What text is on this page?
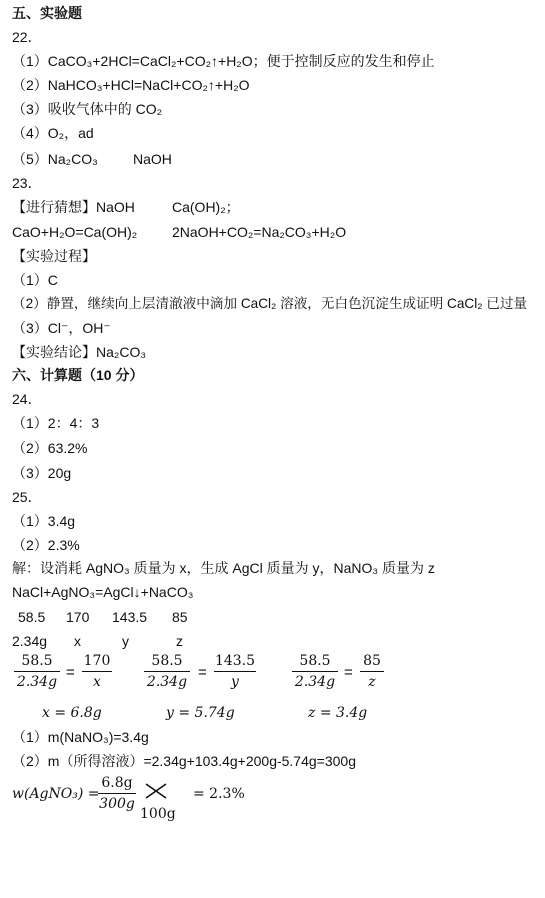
五、实验题
22．
（1）CaCO₃+2HCl=CaCl₂+CO₂↑+H₂O；便于控制反应的发生和停止
（2）NaHCO₃+HCl=NaCl+CO₂↑+H₂O
（3）吸收气体中的 CO₂
（4）O₂，ad
（5）Na₂CO₃	NaOH
23．
【进行猜想】NaOH	Ca(OH)₂；
CaO+H₂O=Ca(OH)₂ 2NaOH+CO₂=Na₂CO₃+H₂O
【实验过程】
（1）C
（2）静置，继续向上层清澈液中滴加 CaCl₂ 溶液，无白色沉淀生成证明 CaCl₂ 已过量
（3）Cl⁻，OH⁻
【实验结论】Na₂CO₃
六、计算题（10 分）
24．
（1）2：4：3
（2）63.2%
（3）20g
25．
（1）3.4g
（2）2.3%
解：设消耗 AgNO₃ 质量为 x，生成 AgCl 质量为 y，NaNO₃ 质量为 z
NaCl+AgNO₃=AgCl↓+NaCO₃
58.5 170 143.5 85
2.34g x	y	z
58.5
2.34g
=
170
x
58.5
2.34g
=
143.5
y
58.5
2.34g
=
85
z
x = 6.8g	y = 5.74g	z = 3.4g
（1）m(NaNO₃)=3.4g
（2）m（所得溶液）=2.34g+103.4g+200g-5.74g=300g
w(AgNO₃) =
6.8g
300g
100g
= 2.3%
